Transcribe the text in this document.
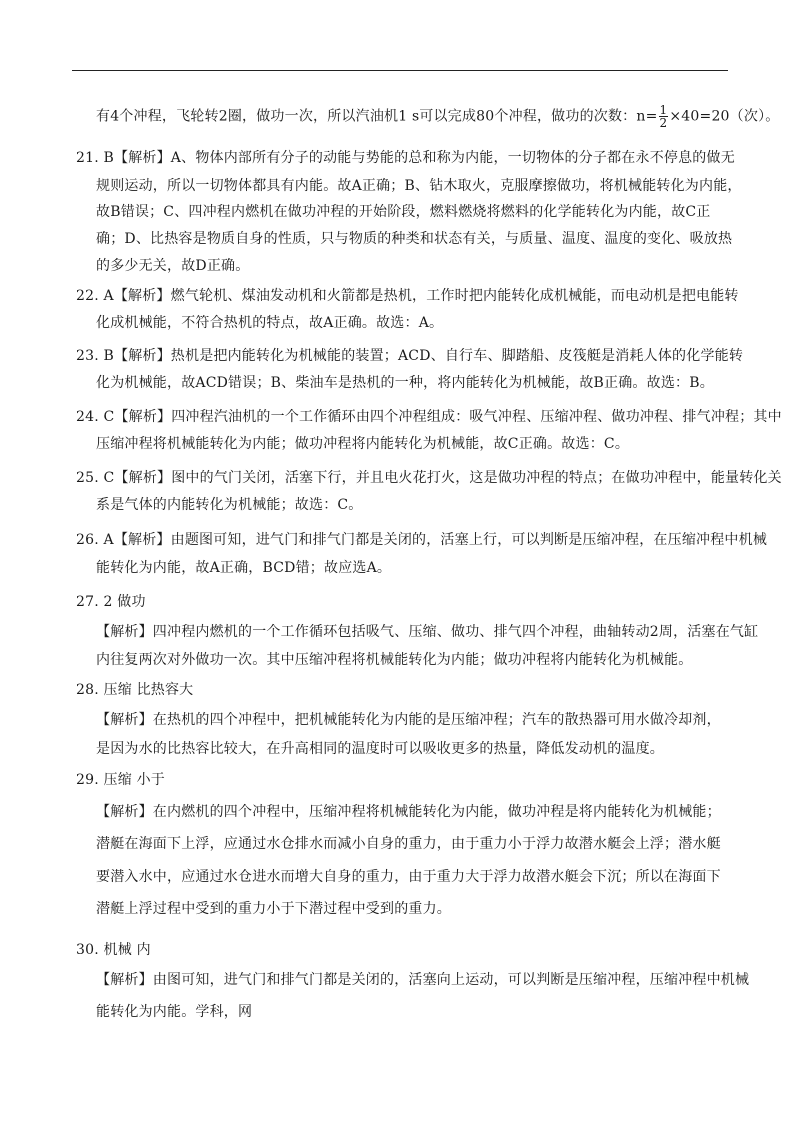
有4个冲程，飞轮转2圈，做功一次，所以汽油机1 s可以完成80个冲程，做功的次数：$n= \frac{1}{2} \times 40=20$（次）。
21. B【解析】A、物体内部所有分子的动能与势能的总和称为内能，一切物体的分子都在永不停息的做无
规则运动，所以一切物体都具有内能。故A正确；B、钻木取火，克服摩擦做功，将机械能转化为内能，
故B错误；C、四冲程内燃机在做功冲程的开始阶段，燃料燃烧将燃料的化学能转化为内能，故C正
确；D、比热容是物质自身的性质，只与物质的种类和状态有关，与质量、温度、温度的变化、吸放热
的多少无关，故D正确。
22. A【解析】燃气轮机、煤油发动机和火箭都是热机，工作时把内能转化成机械能，而电动机是把电能转
化成机械能，不符合热机的特点，故A正确。故选：A。
23. B【解析】热机是把内能转化为机械能的装置；ACD、自行车、脚踏船、皮筏艇是消耗人体的化学能转
化为机械能，故ACD错误；B、柴油车是热机的一种，将内能转化为机械能，故B正确。故选：B。
24. C【解析】四冲程汽油机的一个工作循环由四个冲程组成：吸气冲程、压缩冲程、做功冲程、排气冲程；其中
压缩冲程将机械能转化为内能；做功冲程将内能转化为机械能，故C正确。故选：C。
25. C【解析】图中的气门关闭，活塞下行，并且电火花打火，这是做功冲程的特点；在做功冲程中，能量转化关
系是气体的内能转化为机械能；故选：C。
26. A【解析】由题图可知，进气门和排气门都是关闭的，活塞上行，可以判断是压缩冲程，在压缩冲程中机械
能转化为内能，故A正确，BCD错；故应选A。
27. 2 做功
【解析】四冲程内燃机的一个工作循环包括吸气、压缩、做功、排气四个冲程，曲轴转动2周，活塞在气缸
内往复两次对外做功一次。其中压缩冲程将机械能转化为内能；做功冲程将内能转化为机械能。
28. 压缩 比热容大
【解析】在热机的四个冲程中，把机械能转化为内能的是压缩冲程；汽车的散热器可用水做冷却剂，
是因为水的比热容比较大，在升高相同的温度时可以吸收更多的热量，降低发动机的温度。
29. 压缩 小于
【解析】在内燃机的四个冲程中，压缩冲程将机械能转化为内能，做功冲程是将内能转化为机械能；
潜艇在海面下上浮，应通过水仓排水而减小自身的重力，由于重力小于浮力故潜水艇会上浮；潜水艇
要潜入水中，应通过水仓进水而增大自身的重力，由于重力大于浮力故潜水艇会下沉；所以在海面下
潜艇上浮过程中受到的重力小于下潜过程中受到的重力。
30. 机械 内
【解析】由图可知，进气门和排气门都是关闭的，活塞向上运动，可以判断是压缩冲程，压缩冲程中机械
能转化为内能。学科，网
